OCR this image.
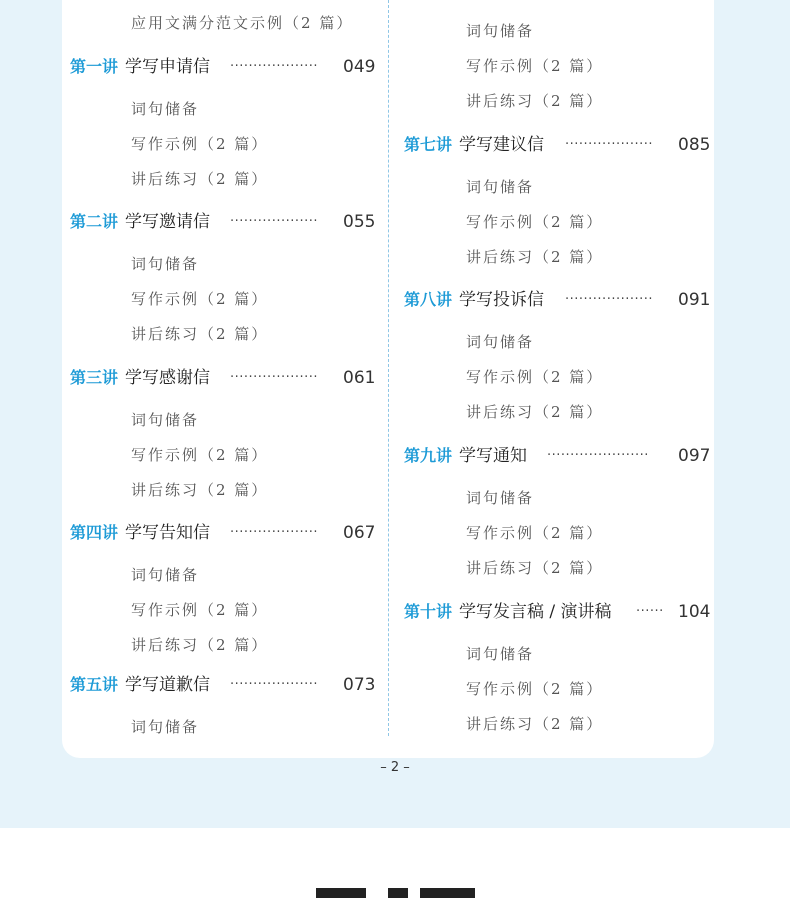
应用文满分范文示例（2 篇）
第一讲 学写申请信 ··················· 049
词句储备
写作示例（2 篇）
讲后练习（2 篇）
第二讲 学写邀请信 ··················· 055
词句储备
写作示例（2 篇）
讲后练习（2 篇）
第三讲 学写感谢信 ··················· 061
词句储备
写作示例（2 篇）
讲后练习（2 篇）
第四讲 学写告知信 ··················· 067
词句储备
写作示例（2 篇）
讲后练习（2 篇）
第五讲 学写道歉信 ··················· 073
词句储备
词句储备
写作示例（2 篇）
讲后练习（2 篇）
第七讲 学写建议信 ··················· 085
词句储备
写作示例（2 篇）
讲后练习（2 篇）
第八讲 学写投诉信 ··················· 091
词句储备
写作示例（2 篇）
讲后练习（2 篇）
第九讲 学写通知 ······················ 097
词句储备
写作示例（2 篇）
讲后练习（2 篇）
第十讲 学写发言稿 / 演讲稿 ······ 104
词句储备
写作示例（2 篇）
讲后练习（2 篇）
– 2 –
